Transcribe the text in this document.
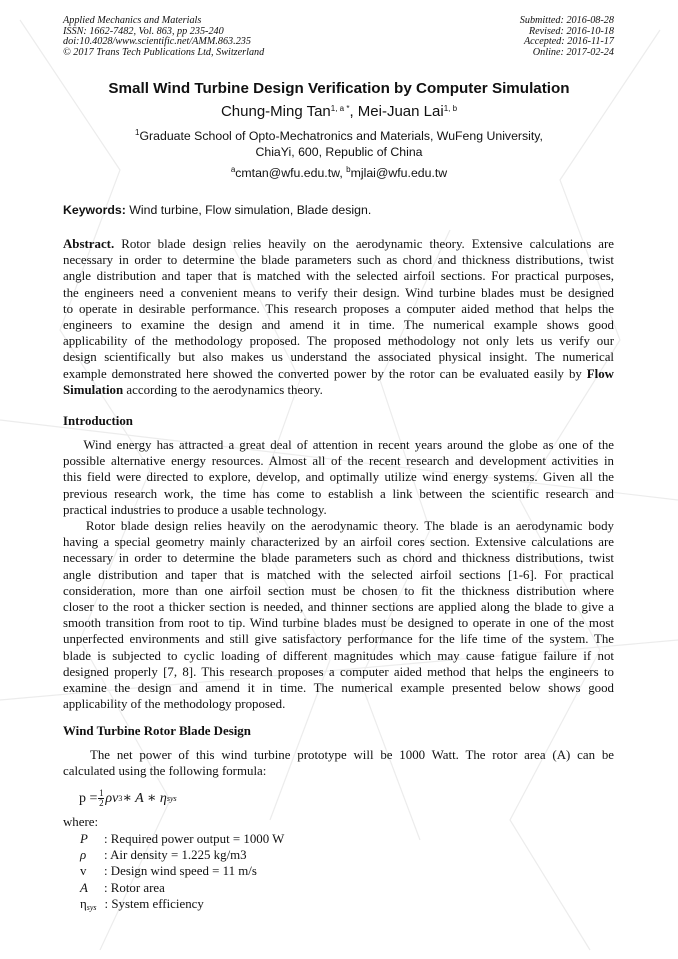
Applied Mechanics and Materials
ISSN: 1662-7482, Vol. 863, pp 235-240
doi:10.4028/www.scientific.net/AMM.863.235
© 2017 Trans Tech Publications Ltd, Switzerland
Submitted: 2016-08-28
Revised: 2016-10-18
Accepted: 2016-11-17
Online: 2017-02-24
Small Wind Turbine Design Verification by Computer Simulation
Chung-Ming Tan$^{1, a *}$, Mei-Juan Lai$^{1, b}$
$^1$Graduate School of Opto-Mechatronics and Materials, WuFeng University,
ChiaYi, 600, Republic of China
$^a$cmtan@wfu.edu.tw, $^b$mjlai@wfu.edu.tw
Keywords: Wind turbine, Flow simulation, Blade design.
Abstract. Rotor blade design relies heavily on the aerodynamic theory. Extensive calculations are
necessary in order to determine the blade parameters such as chord and thickness distributions, twist
angle distribution and taper that is matched with the selected airfoil sections. For practical purposes,
the engineers need a convenient means to verify their design. Wind turbine blades must be designed
to operate in desirable performance. This research proposes a computer aided method that helps the
engineers to examine the design and amend it in time. The numerical example shows good
applicability of the methodology proposed. The proposed methodology not only lets us verify our
design scientifically but also makes us understand the associated physical insight. The numerical
example demonstrated here showed the converted power by the rotor can be evaluated easily by Flow
Simulation according to the aerodynamics theory.
Introduction
Wind energy has attracted a great deal of attention in recent years around the globe as one of the
possible alternative energy resources. Almost all of the recent research and development activities in
this field were directed to explore, develop, and optimally utilize wind energy systems. Given all the
previous research work, the time has come to establish a link between the scientific research and
practical industries to produce a usable technology.
Rotor blade design relies heavily on the aerodynamic theory. The blade is an aerodynamic body
having a special geometry mainly characterized by an airfoil cores section. Extensive calculations are
necessary in order to determine the blade parameters such as chord and thickness distributions, twist
angle distribution and taper that is matched with the selected airfoil sections [1-6]. For practical
consideration, more than one airfoil section must be chosen to fit the thickness distribution where
closer to the root a thicker section is needed, and thinner sections are applied along the blade to give a
smooth transition from root to tip. Wind turbine blades must be designed to operate in one of the most
unperfected environments and still give satisfactory performance for the life time of the system. The
blade is subjected to cyclic loading of different magnitudes which may cause fatigue failure if not
designed properly [7, 8]. This research proposes a computer aided method that helps the engineers to
examine the design and amend it in time. The numerical example presented below shows good
applicability of the methodology proposed.
Wind Turbine Rotor Blade Design
The net power of this wind turbine prototype will be 1000 Watt. The rotor area (A) can be
calculated using the following formula:
$p = \frac{1}{2}$ ρv 3 ∗ A ∗ η sys
where:
P : Required power output = 1000 W
ρ : Air density = 1.225 kg/m3
v : Design wind speed = 11 m/s
A : Rotor area
$\eta_{sys}$ : System efficiency
